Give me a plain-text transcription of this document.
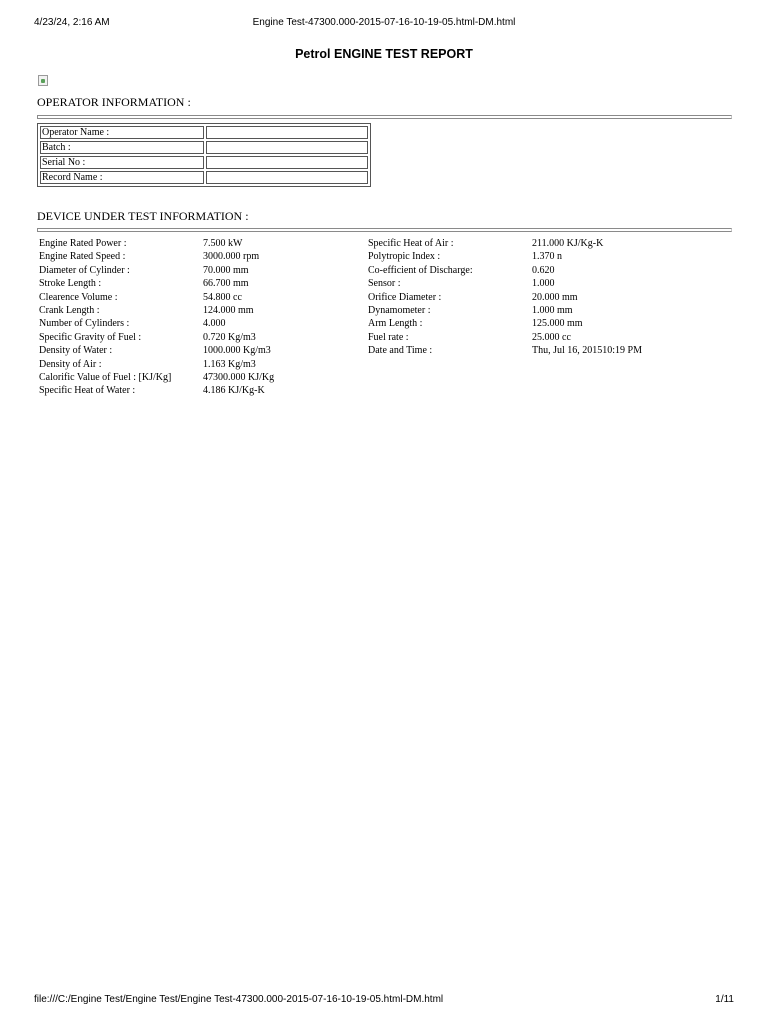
4/23/24, 2:16 AM	Engine Test-47300.000-2015-07-16-10-19-05.html-DM.html
Petrol ENGINE TEST REPORT
OPERATOR INFORMATION :
Operator Name :	
Batch :	
Serial No :	
Record Name :	
DEVICE UNDER TEST INFORMATION :
Engine Rated Power :	7.500 kW	Specific Heat of Air :	211.000 KJ/Kg-K
Engine Rated Speed :	3000.000 rpm	Polytropic Index :	1.370 n
Diameter of Cylinder :	70.000 mm	Co-efficient of Discharge:	0.620
Stroke Length :	66.700 mm	Sensor :	1.000
Clearence Volume :	54.800 cc	Orifice Diameter :	20.000 mm
Crank Length :	124.000 mm	Dynamometer :	1.000 mm
Number of Cylinders :	4.000	Arm Length :	125.000 mm
Specific Gravity of Fuel :	0.720 Kg/m3	Fuel rate :	25.000 cc
Density of Water :	1000.000 Kg/m3	Date and Time :	Thu, Jul 16, 201510:19 PM
Density of Air :	1.163 Kg/m3
Calorific Value of Fuel : [KJ/Kg]	47300.000 KJ/Kg
Specific Heat of Water :	4.186 KJ/Kg-K
file:///C:/Engine Test/Engine Test/Engine Test-47300.000-2015-07-16-10-19-05.html-DM.html	1/11
